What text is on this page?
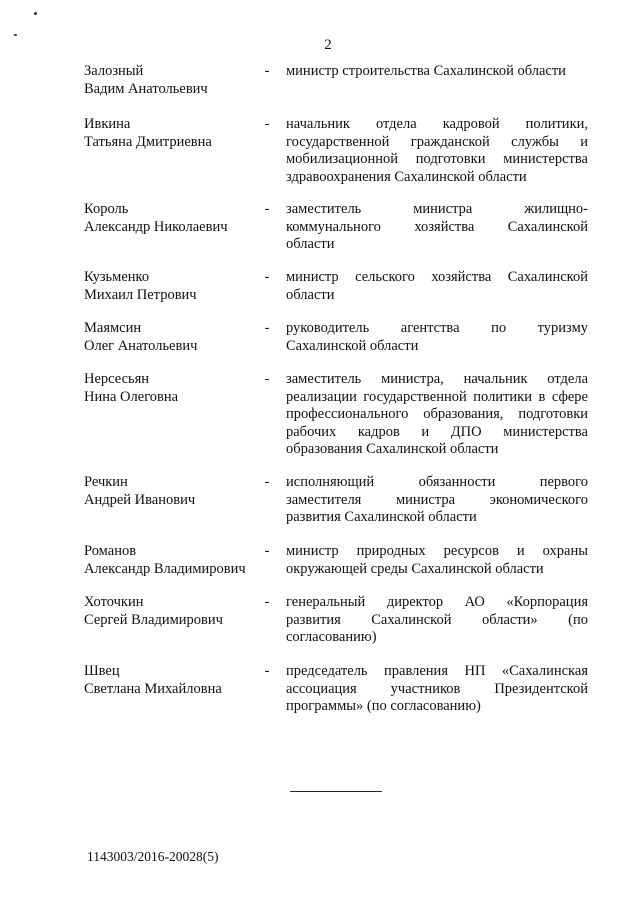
2
Залозный
Вадим Анатольевич
- министр строительства Сахалинской области
Ивкина
Татьяна Дмитриевна
- начальник отдела кадровой политики,
государственной гражданской службы и
мобилизационной подготовки министерства
здравоохранения Сахалинской области
Король
Александр Николаевич
- заместитель министра жилищно-
коммунального хозяйства Сахалинской
области
Кузьменко
Михаил Петрович
- министр сельского хозяйства Сахалинской
области
Маямсин
Олег Анатольевич
- руководитель агентства по туризму
Сахалинской области
Нерсесьян
Нина Олеговна
- заместитель министра, начальник отдела
реализации государственной политики в сфере
профессионального образования, подготовки
рабочих кадров и ДПО министерства
образования Сахалинской области
Речкин
Андрей Иванович
- исполняющий обязанности первого
заместителя министра экономического
развития Сахалинской области
Романов
Александр Владимирович
- министр природных ресурсов и охраны
окружающей среды Сахалинской области
Хоточкин
Сергей Владимирович
- генеральный директор АО «Корпорация
развития Сахалинской области» (по
согласованию)
Швец
Светлана Михайловна
- председатель правления НП «Сахалинская
ассоциация участников Президентской
программы» (по согласованию)
1143003/2016-20028(5)
